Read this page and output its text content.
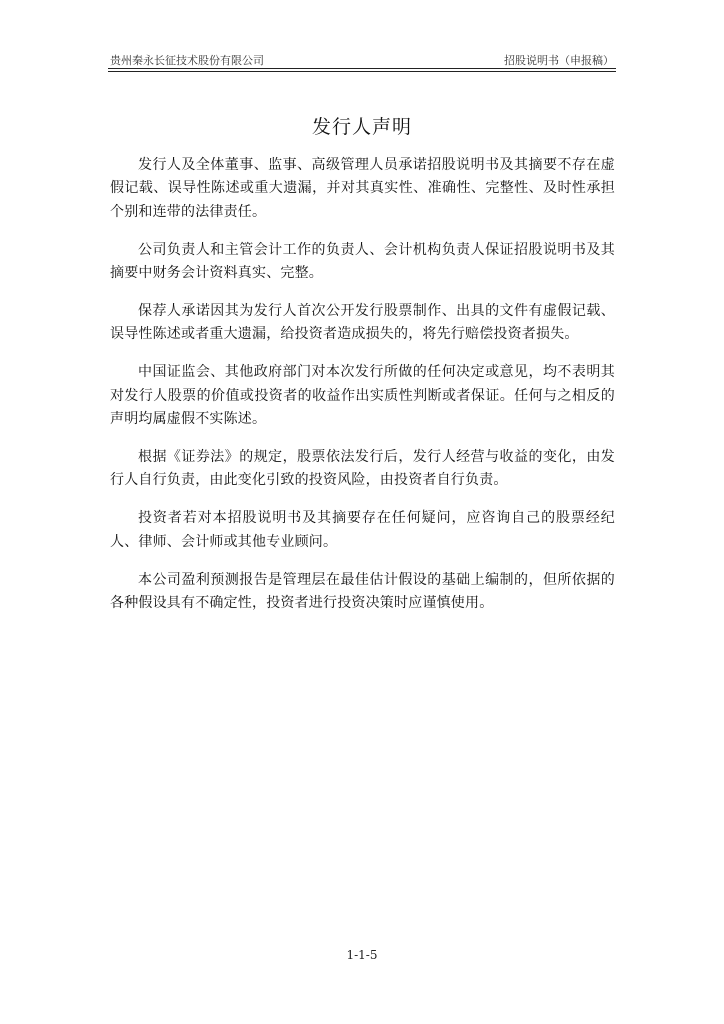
贵州秦永长征技术股份有限公司	招股说明书（申报稿）
发行人声明

发行人及全体董事、监事、高级管理人员承诺招股说明书及其摘要不存在虚假记载、误导性陈述或重大遗漏，并对其真实性、准确性、完整性、及时性承担个别和连带的法律责任。

公司负责人和主管会计工作的负责人、会计机构负责人保证招股说明书及其摘要中财务会计资料真实、完整。

保荐人承诺因其为发行人首次公开发行股票制作、出具的文件有虚假记载、误导性陈述或者重大遗漏，给投资者造成损失的，将先行赔偿投资者损失。

中国证监会、其他政府部门对本次发行所做的任何决定或意见，均不表明其对发行人股票的价值或投资者的收益作出实质性判断或者保证。任何与之相反的声明均属虚假不实陈述。

根据《证券法》的规定，股票依法发行后，发行人经营与收益的变化，由发行人自行负责，由此变化引致的投资风险，由投资者自行负责。

投资者若对本招股说明书及其摘要存在任何疑问，应咨询自己的股票经纪人、律师、会计师或其他专业顾问。

本公司盈利预测报告是管理层在最佳估计假设的基础上编制的，但所依据的各种假设具有不确定性，投资者进行投资决策时应谨慎使用。

1-1-5
